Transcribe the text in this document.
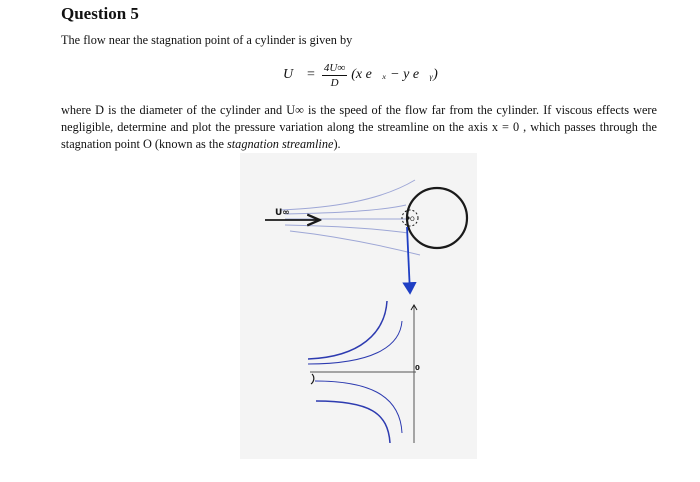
Question 5

The flow near the stagnation point of a cylinder is given by

U⃗ = $\frac{4U\infty}{D} (x$ e⃗ₓ − y e⃗ᵧ)

where D is the diameter of the cylinder and U∞ is the speed of the flow far from the cylinder. If viscous effects were negligible, determine and plot the pressure variation along the streamline on the axis x = 0 , which passes through the stagnation point O (known as the stagnation streamline).

U∞
O
0
